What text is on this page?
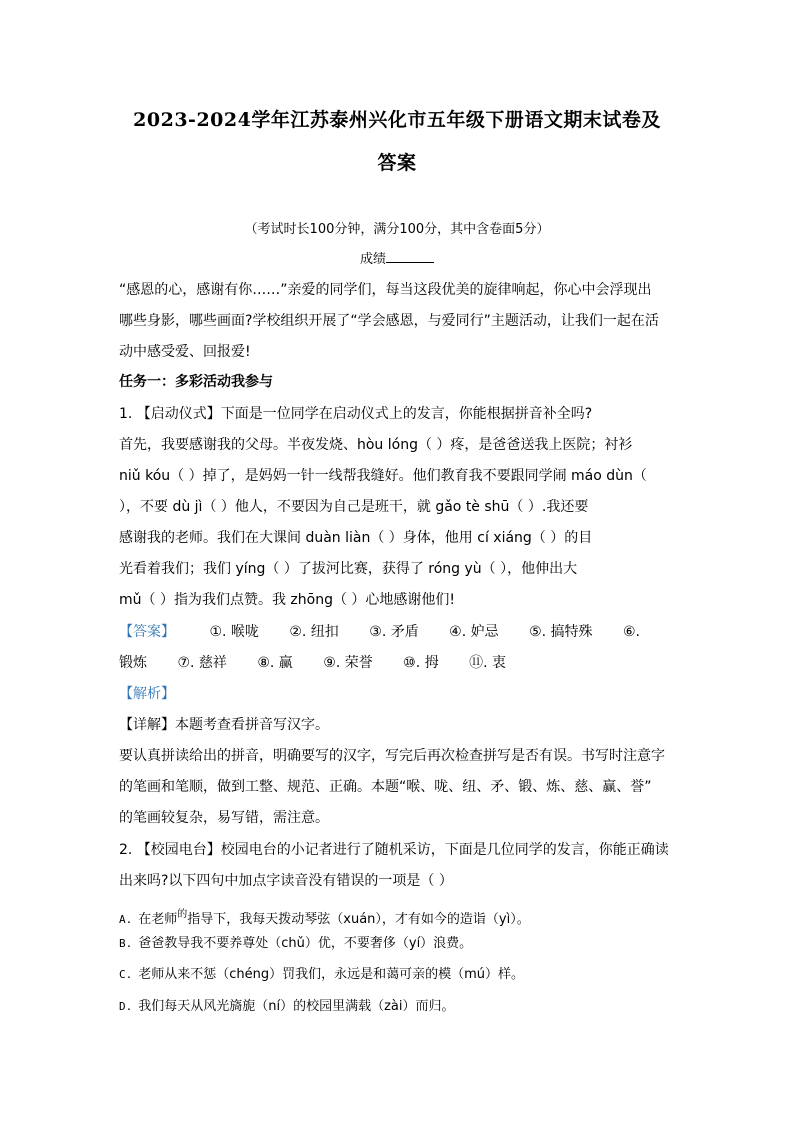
2023-2024学年江苏泰州兴化市五年级下册语文期末试卷及
答案
（考试时长100分钟，满分100分，其中含卷面5分）
成绩
“感恩的心，感谢有你……”亲爱的同学们，每当这段优美的旋律响起，你心中会浮现出
哪些身影，哪些画面?学校组织开展了“学会感恩，与爱同行”主题活动，让我们一起在活
动中感受爱、回报爱!
任务一：多彩活动我参与
1. 【启动仪式】下面是一位同学在启动仪式上的发言，你能根据拼音补全吗?
首先，我要感谢我的父母。半夜发烧、hòu lóng（ ）疼，是爸爸送我上医院；衬衫
niǔ kóu（ ）掉了，是妈妈一针一线帮我缝好。他们教育我不要跟同学闹 máo dùn（
），不要 dù jì（ ）他人，不要因为自己是班干，就 gǎo tè shū（ ）.我还要
感谢我的老师。我们在大课间 duàn liàn（ ）身体，他用 cí xiáng（ ）的目
光看着我们；我们 yíng（ ）了拔河比赛，获得了 róng yù（ ），他伸出大
mǔ（ ）指为我们点赞。我 zhōng（ ）心地感谢他们!
【答案】 ①. 喉咙 ②. 纽扣 ③. 矛盾 ④. 妒忌 ⑤. 搞特殊 ⑥.
锻炼 ⑦. 慈祥 ⑧. 赢 ⑨. 荣誉 ⑩. 拇 ⑪. 衷
【解析】
【详解】本题考查看拼音写汉字。
要认真拼读给出的拼音，明确要写的汉字，写完后再次检查拼写是否有误。书写时注意字
的笔画和笔顺，做到工整、规范、正确。本题“喉、咙、纽、矛、锻、炼、慈、赢、誉”
的笔画较复杂，易写错，需注意。
2. 【校园电台】校园电台的小记者进行了随机采访，下面是几位同学的发言，你能正确读
出来吗?以下四句中加点字读音没有错误的一项是（ ）
A. 在老师$^的$指导下，我每天拨动琴弦（xuán），才有如今的造诣（yì）。
B. 爸爸教导我不要养尊处（chǔ）优，不要奢侈（yí）浪费。
C. 老师从来不惩（chéng）罚我们，永远是和蔼可亲的模（mú）样。
D. 我们每天从风光旖旎（ní）的校园里满载（zài）而归。
